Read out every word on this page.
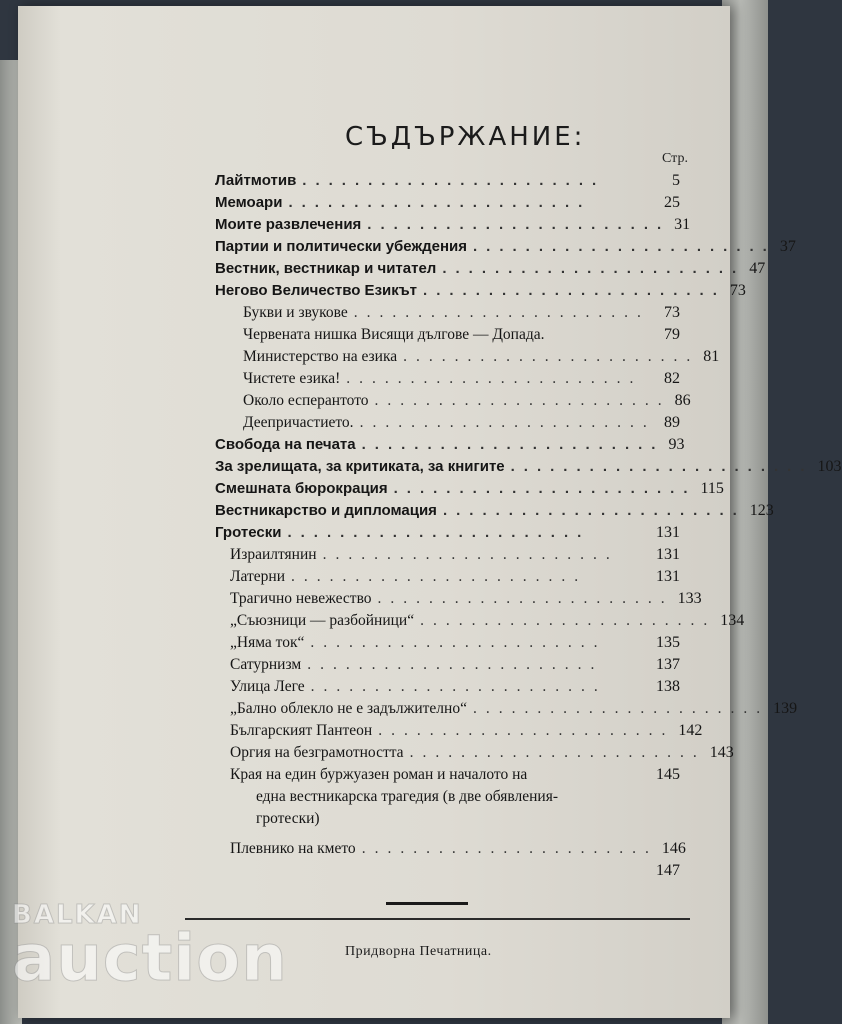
СЪДЪРЖАНИЕ:
Стр.
Лайтмотив .......................	5
Мемоари .......................	25
Моите развлечения ....................... 31
Партии и политически убеждения ....................... 37
Вестник, вестникар и читател ....................... 47
Негово Величество Езикът ....................... 73
Букви и звукове ....................... 73
Червената нишка Висящи дългове — Допада.	79
Министерство на езика ....................... 81
Чистете езика! .......................	82
Около есперантото ....................... 86
Деепричастието. ....................... 89
Свобода на печата ....................... 93
За зрелищата, за критиката, за книгите ....................... 103
Смешната бюрокрация ....................... 115
Вестникарство и дипломация ....................... 123
Гротески .......................	131
Израилтянин .......................	131
Латерни .......................	131
Трагично невежество ....................... 133
„Съюзници — разбойници“ ....................... 134
„Няма ток“ .......................	135
Сатурнизм .......................	137
Улица Леге .......................	138
„Бално облекло не е задължително“ ....................... 139
Българският Пантеон ....................... 142
Оргия на безграмотността ....................... 143
Края на един буржуазен роман и началото на	145
една вестникарска трагедия (в две обявления-
гротески)
Плевнико на кмето ....................... 146
147
Придворна Печатница.
BALKAN
auction
